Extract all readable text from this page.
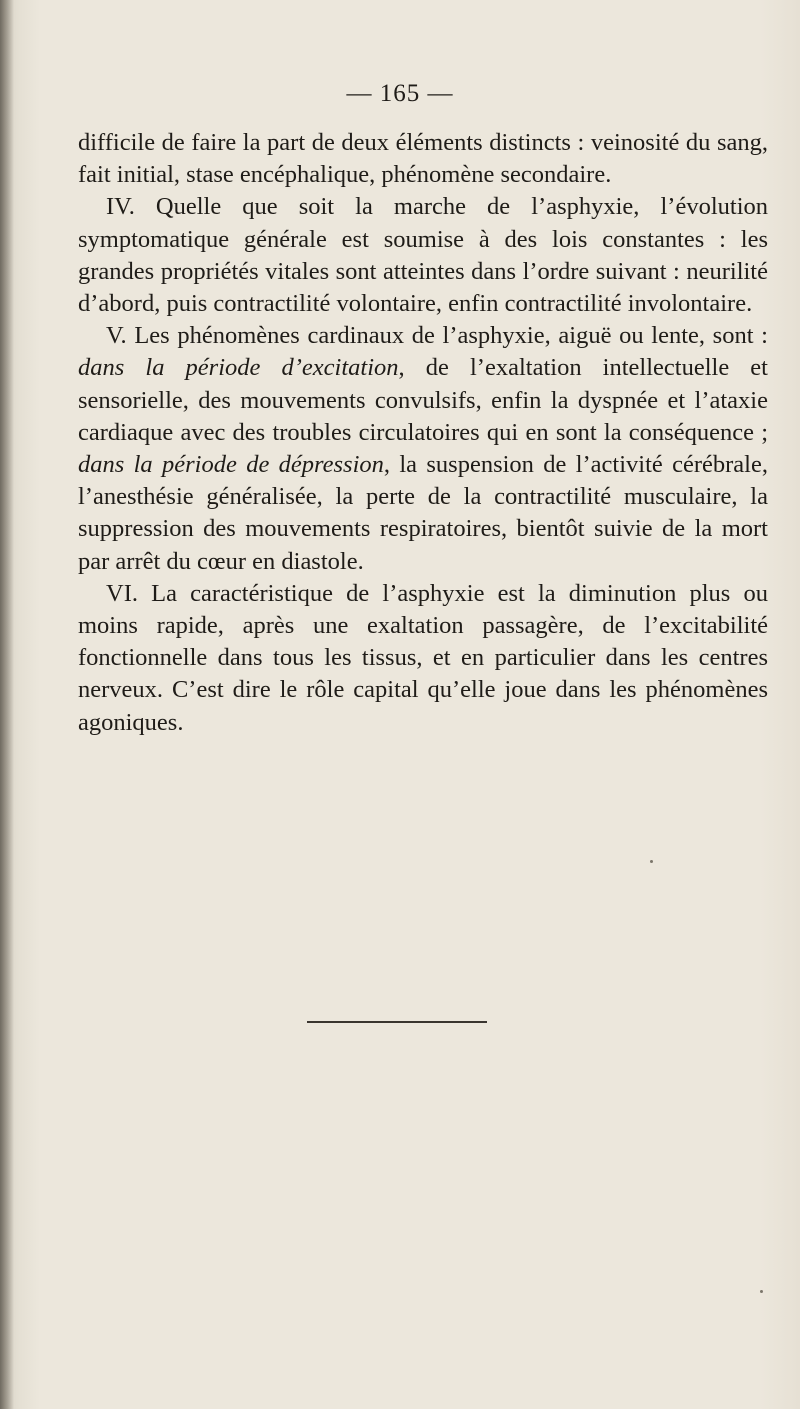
— 165 —

difficile de faire la part de deux éléments distincts : veinosité du sang, fait initial, stase encéphalique, phénomène secondaire.

IV. Quelle que soit la marche de l’asphyxie, l’évolution symptomatique générale est soumise à des lois constantes : les grandes propriétés vitales sont atteintes dans l’ordre suivant : neurilité d’abord, puis contractilité volontaire, enfin contractilité involontaire.

V. Les phénomènes cardinaux de l’asphyxie, aiguë ou lente, sont : dans la période d’excitation, de l’exaltation intellectuelle et sensorielle, des mouvements convulsifs, enfin la dyspnée et l’ataxie cardiaque avec des troubles circulatoires qui en sont la conséquence ; dans la période de dépression, la suspension de l’activité cérébrale, l’anesthésie généralisée, la perte de la contractilité musculaire, la suppression des mouvements respiratoires, bientôt suivie de la mort par arrêt du cœur en diastole.

VI. La caractéristique de l’asphyxie est la diminution plus ou moins rapide, après une exaltation passagère, de l’excitabilité fonctionnelle dans tous les tissus, et en particulier dans les centres nerveux. C’est dire le rôle capital qu’elle joue dans les phénomènes agoniques.
